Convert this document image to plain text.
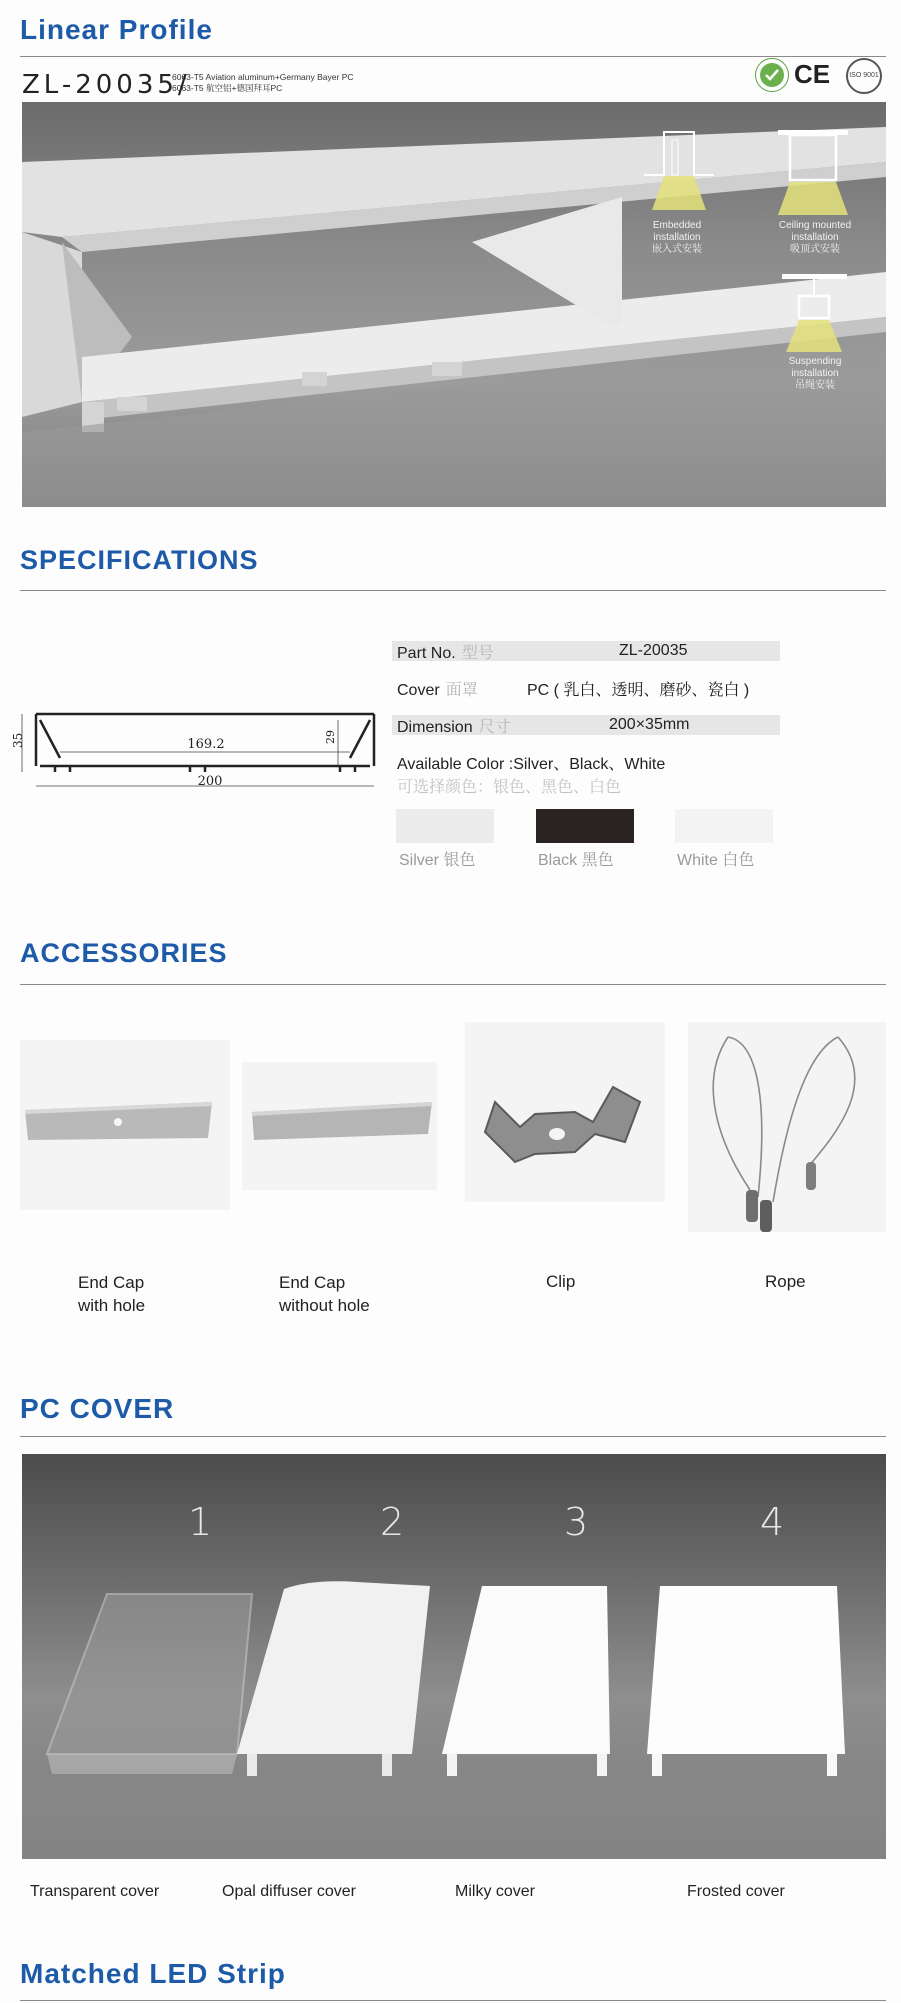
Linear Profile
ZL-20035/
6063-T5 Aviation aluminum+Germany Bayer PC
6063-T5 航空铝+德国拜耳PC	CE	ISO 9001
Embedded
installation
嵌入式安装
Ceiling mounted
installation
吸顶式安装
Suspending
installation
吊绳安装
SPECIFICATIONS
169.2
200
35	29
Part No. 型号	ZL-20035
Cover 面罩	PC ( 乳白、透明、磨砂、瓷白 )
Dimension 尺寸	200×35mm
Available Color :Silver、Black、White
可选择颜色：银色、黑色、白色
Silver 银色	Black 黑色	White 白色
ACCESSORIES
End Cap
with hole
End Cap
without hole
Clip	Rope
PC COVER
1	2	3	4
Transparent cover	Opal diffuser cover	Milky cover	Frosted cover
Matched LED Strip
